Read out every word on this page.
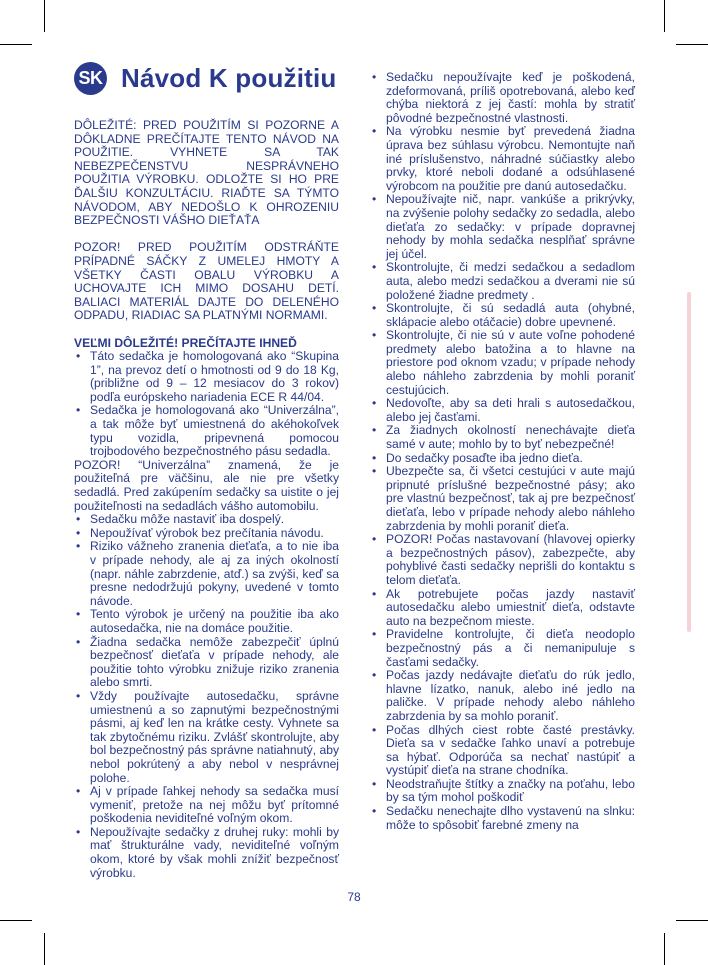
SK Návod K použitiu

DÔLEŽITÉ: PRED POUŽITÍM SI POZORNE A DÔKLADNE PREČÍTAJTE TENTO NÁVOD NA POUŽITIE. VYHNETE SA TAK NEBEZPEČENSTVU NESPRÁVNEHO POUŽITIA VÝROBKU. ODLOŽTE SI HO PRE ĎALŠIU KONZULTÁCIU. RIAĎTE SA TÝMTO NÁVODOM, ABY NEDOŠLO K OHROZENIU BEZPEČNOSTI VÁŠHO DIEŤAŤA

POZOR! PRED POUŽITÍM ODSTRÁŇTE PRÍPADNÉ SÁČKY Z UMELEJ HMOTY A VŠETKY ČASTI OBALU VÝROBKU A UCHOVAJTE ICH MIMO DOSAHU DETÍ. BALIACI MATERIÁL DAJTE DO DELENÉHO ODPADU, RIADIAC SA PLATNÝMI NORMAMI.

VEĽMI DÔLEŽITÉ! PREČÍTAJTE IHNEĎ

• Táto sedačka je homologovaná ako “Skupina 1”, na prevoz detí o hmotnosti od 9 do 18 Kg, (približne od 9 – 12 mesiacov do 3 rokov) podľa európskeho nariadenia ECE R 44/04.
• Sedačka je homologovaná ako “Univerzálna”, a tak môže byť umiestnená do akéhokoľvek typu vozidla, pripevnená pomocou trojbodového bezpečnostného pásu sedadla.

POZOR! “Univerzálna” znamená, že je použiteľná pre väčšinu, ale nie pre všetky sedadlá. Pred zakúpením sedačky sa uistite o jej použiteľnosti na sedadlách vášho automobilu.

• Sedačku môže nastaviť iba dospelý.
• Nepoužívať výrobok bez prečítania návodu.
• Riziko vážneho zranenia dieťaťa, a to nie iba v prípade nehody, ale aj za iných okolností (napr. náhle zabrzdenie, atď.) sa zvýši, keď sa presne nedodržujú pokyny, uvedené v tomto návode.
• Tento výrobok je určený na použitie iba ako autosedačka, nie na domáce použitie.
• Žiadna sedačka nemôže zabezpečiť úplnú bezpečnosť dieťaťa v prípade nehody, ale použitie tohto výrobku znižuje riziko zranenia alebo smrti.
• Vždy používajte autosedačku, správne umiestnenú a so zapnutými bezpečnostnými pásmi, aj keď len na krátke cesty. Vyhnete sa tak zbytočnému riziku. Zvlášť skontrolujte, aby bol bezpečnostný pás správne natiahnutý, aby nebol pokrútený a aby nebol v nesprávnej polohe.
• Aj v prípade ľahkej nehody sa sedačka musí vymeniť, pretože na nej môžu byť prítomné poškodenia neviditeľné voľným okom.
• Nepoužívajte sedačky z druhej ruky: mohli by mať štrukturálne vady, neviditeľné voľným okom, ktoré by však mohli znížiť bezpečnosť výrobku.
• Sedačku nepoužívajte keď je poškodená, zdeformovaná, príliš opotrebovaná, alebo keď chýba niektorá z jej častí: mohla by stratiť pôvodné bezpečnostné vlastnosti.
• Na výrobku nesmie byť prevedená žiadna úprava bez súhlasu výrobcu. Nemontujte naň iné príslušenstvo, náhradné súčiastky alebo prvky, ktoré neboli dodané a odsúhlasené výrobcom na použitie pre danú autosedačku.
• Nepoužívajte nič, napr. vankúše a prikrývky, na zvýšenie polohy sedačky zo sedadla, alebo dieťaťa zo sedačky: v prípade dopravnej nehody by mohla sedačka nesplňať správne jej účel.
• Skontrolujte, či medzi sedačkou a sedadlom auta, alebo medzi sedačkou a dverami nie sú položené žiadne predmety .
• Skontrolujte, či sú sedadlá auta (ohybné, sklápacie alebo otáčacie) dobre upevnené.
• Skontrolujte, či nie sú v aute voľne pohodené predmety alebo batožina a to hlavne na priestore pod oknom vzadu; v prípade nehody alebo náhleho zabrzdenia by mohli poraniť cestujúcich.
• Nedovoľte, aby sa deti hrali s autosedačkou, alebo jej časťami.
• Za žiadnych okolností nenechávajte dieťa samé v aute; mohlo by to byť nebezpečné!
• Do sedačky posaďte iba jedno dieťa.
• Ubezpečte sa, či všetci cestujúci v aute majú pripnuté príslušné bezpečnostné pásy; ako pre vlastnú bezpečnosť, tak aj pre bezpečnosť dieťaťa, lebo v prípade nehody alebo náhleho zabrzdenia by mohli poraniť dieťa.
• POZOR! Počas nastavovaní (hlavovej opierky a bezpečnostných pásov), zabezpečte, aby pohyblivé časti sedačky neprišli do kontaktu s telom dieťaťa.
• Ak potrebujete počas jazdy nastaviť autosedačku alebo umiestniť dieťa, odstavte auto na bezpečnom mieste.
• Pravidelne kontrolujte, či dieťa neodoplo bezpečnostný pás a či nemanipuluje s časťami sedačky.
• Počas jazdy nedávajte dieťaťu do rúk jedlo, hlavne lízatko, nanuk, alebo iné jedlo na paličke. V prípade nehody alebo náhleho zabrzdenia by sa mohlo poraniť.
• Počas dlhých ciest robte časté prestávky. Dieťa sa v sedačke ľahko unaví a potrebuje sa hýbať. Odporúča sa nechať nastúpiť a vystúpiť dieťa na strane chodníka.
• Neodstraňujte štítky a značky na poťahu, lebo by sa tým mohol poškodiť
• Sedačku nenechajte dlho vystavenú na slnku: môže to spôsobiť farebné zmeny na
78
